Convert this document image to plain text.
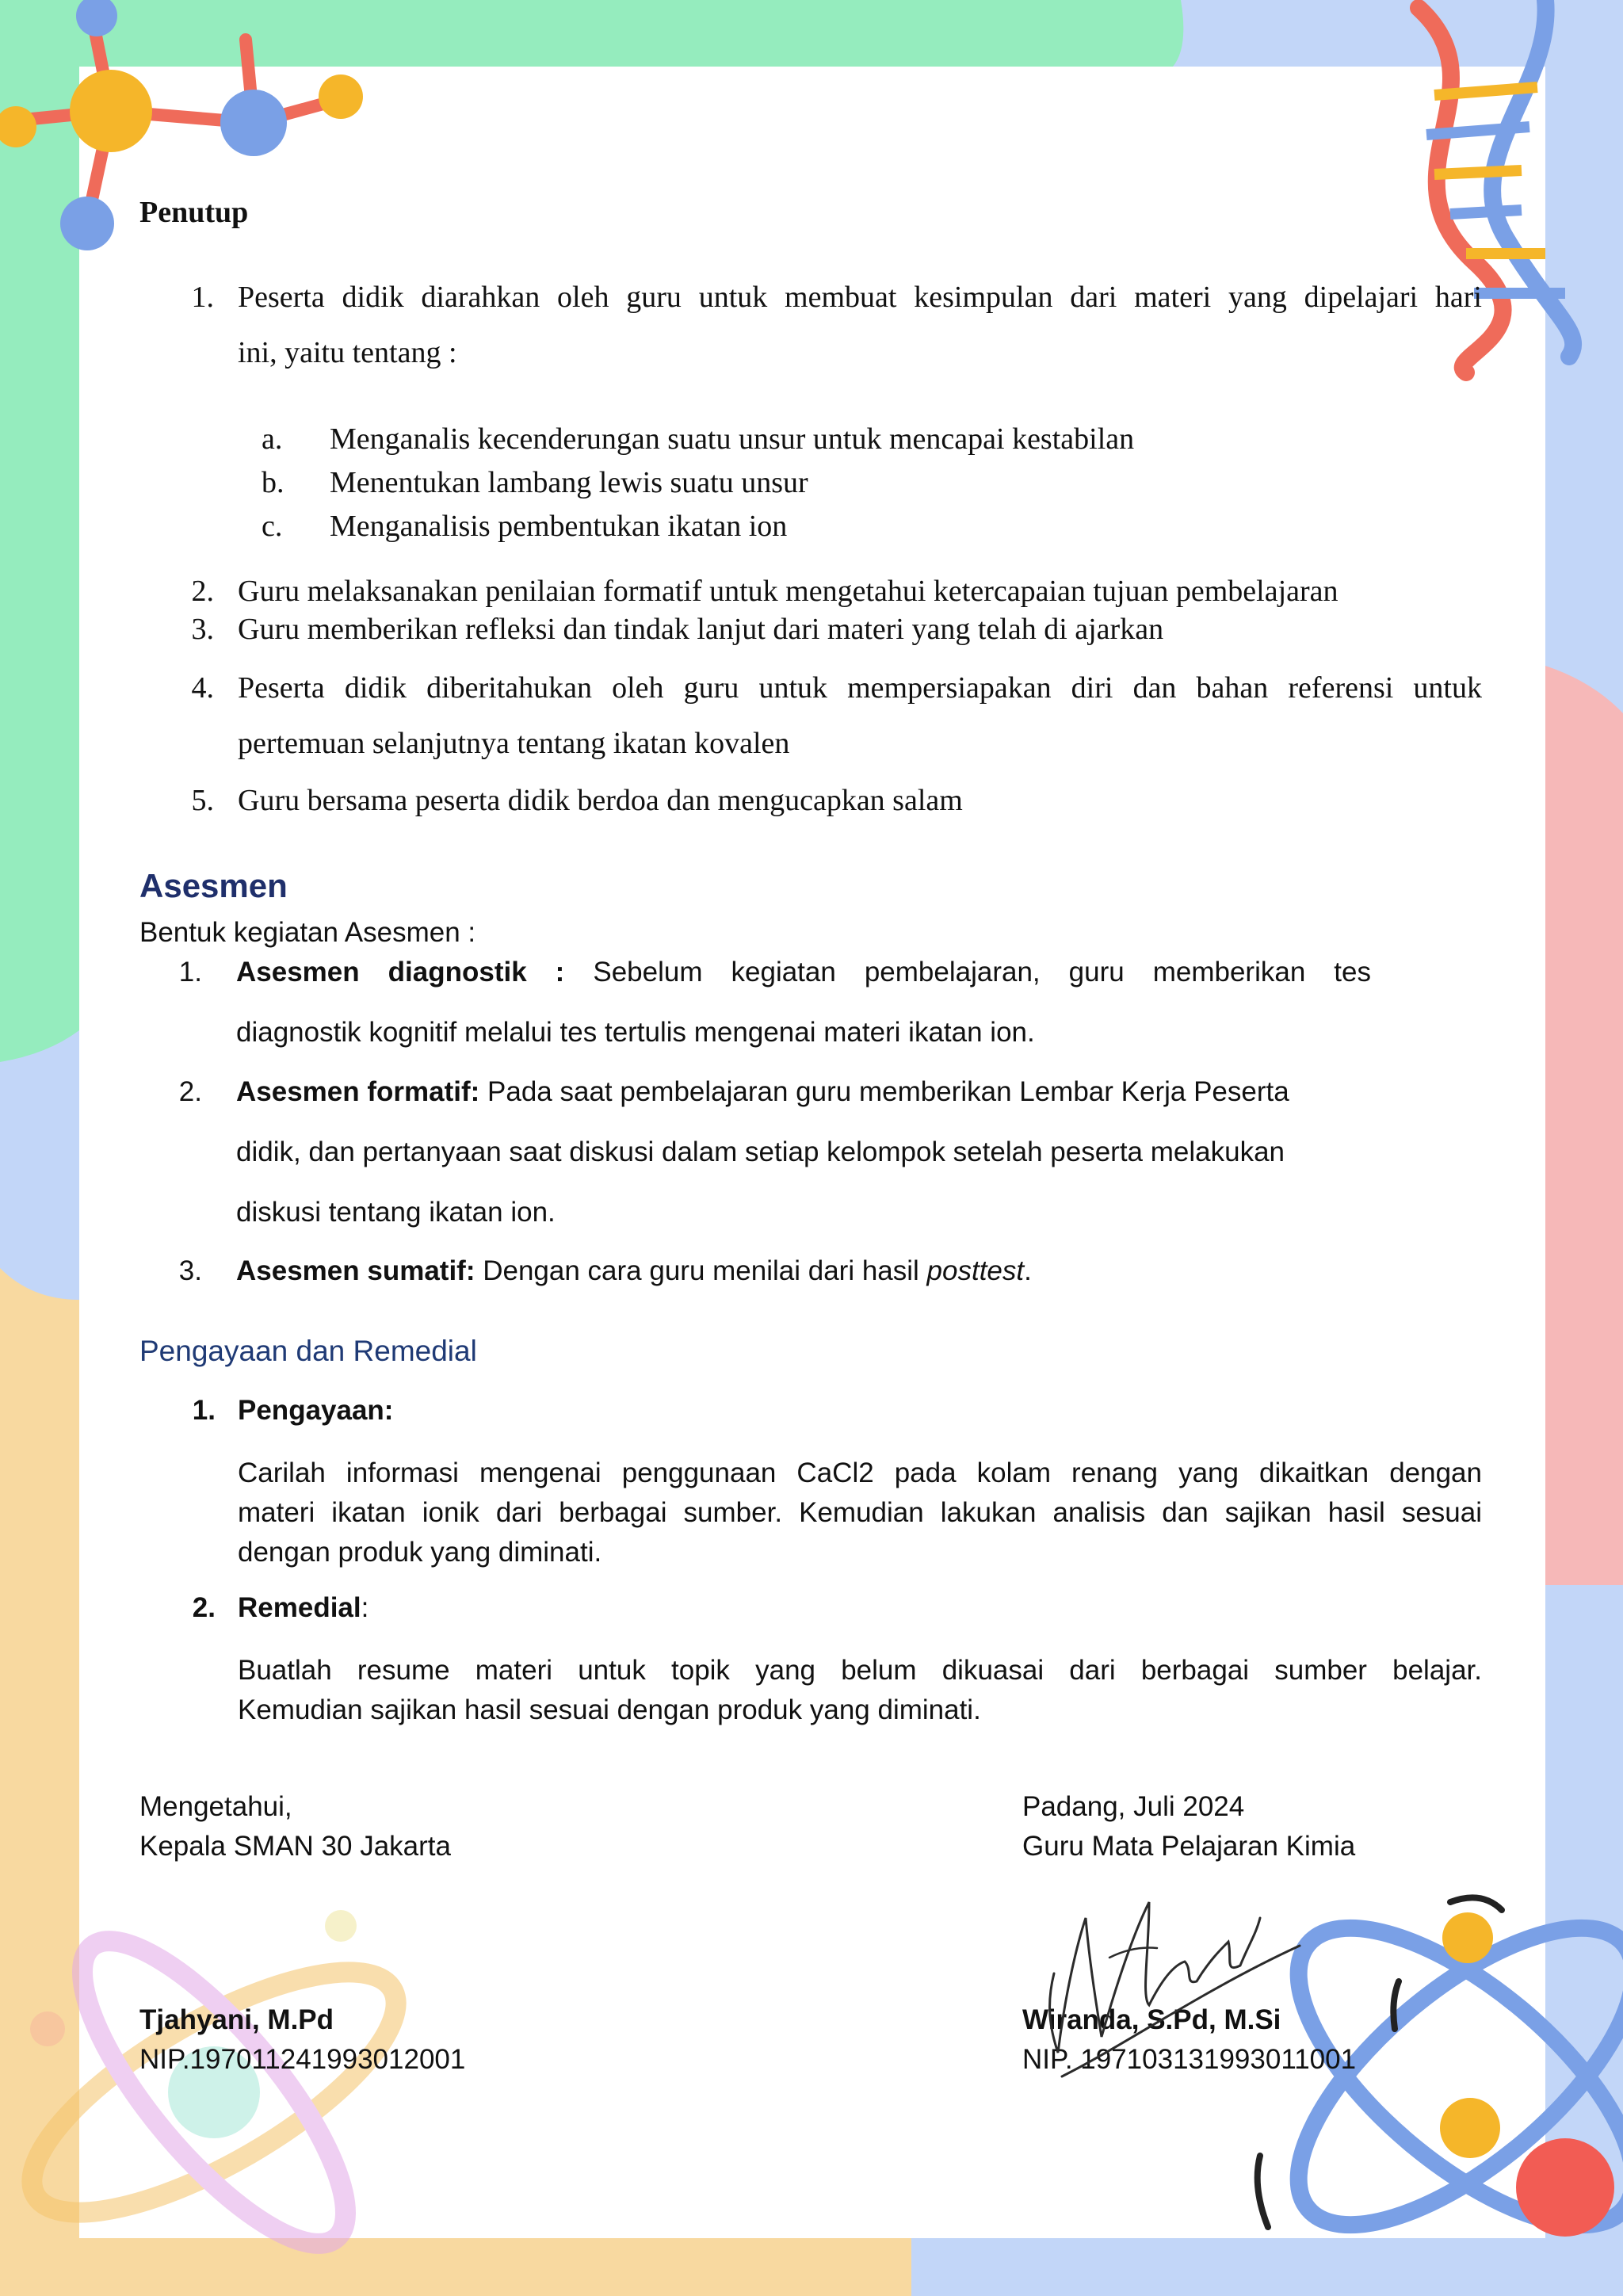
Penutup
1. Peserta didik diarahkan oleh guru untuk membuat kesimpulan dari materi yang dipelajari hari
ini, yaitu tentang :
a. Menganalis kecenderungan suatu unsur untuk mencapai kestabilan
b. Menentukan lambang lewis suatu unsur
c. Menganalisis pembentukan ikatan ion
2. Guru melaksanakan penilaian formatif untuk mengetahui ketercapaian tujuan pembelajaran
3. Guru memberikan refleksi dan tindak lanjut dari materi yang telah di ajarkan
4. Peserta didik diberitahukan oleh guru untuk mempersiapakan diri dan bahan referensi untuk
pertemuan selanjutnya tentang ikatan kovalen
5. Guru bersama peserta didik berdoa dan mengucapkan salam
Asesmen
Bentuk kegiatan Asesmen :
1. Asesmen diagnostik : Sebelum kegiatan pembelajaran, guru memberikan tes
diagnostik kognitif melalui tes tertulis mengenai materi ikatan ion.
2. Asesmen formatif: Pada saat pembelajaran guru memberikan Lembar Kerja Peserta
didik, dan pertanyaan saat diskusi dalam setiap kelompok setelah peserta melakukan
diskusi tentang ikatan ion.
3. Asesmen sumatif: Dengan cara guru menilai dari hasil posttest.
Pengayaan dan Remedial
1. Pengayaan:
Carilah informasi mengenai penggunaan CaCl2 pada kolam renang yang dikaitkan dengan
materi ikatan ionik dari berbagai sumber. Kemudian lakukan analisis dan sajikan hasil sesuai
dengan produk yang diminati.
2. Remedial:
Buatlah resume materi untuk topik yang belum dikuasai dari berbagai sumber belajar.
Kemudian sajikan hasil sesuai dengan produk yang diminati.
Mengetahui,
Kepala SMAN 30 Jakarta
Tjahyani, M.Pd
NIP.197011241993012001
Padang, Juli 2024
Guru Mata Pelajaran Kimia
Wiranda, S.Pd, M.Si
NIP. 197103131993011001
